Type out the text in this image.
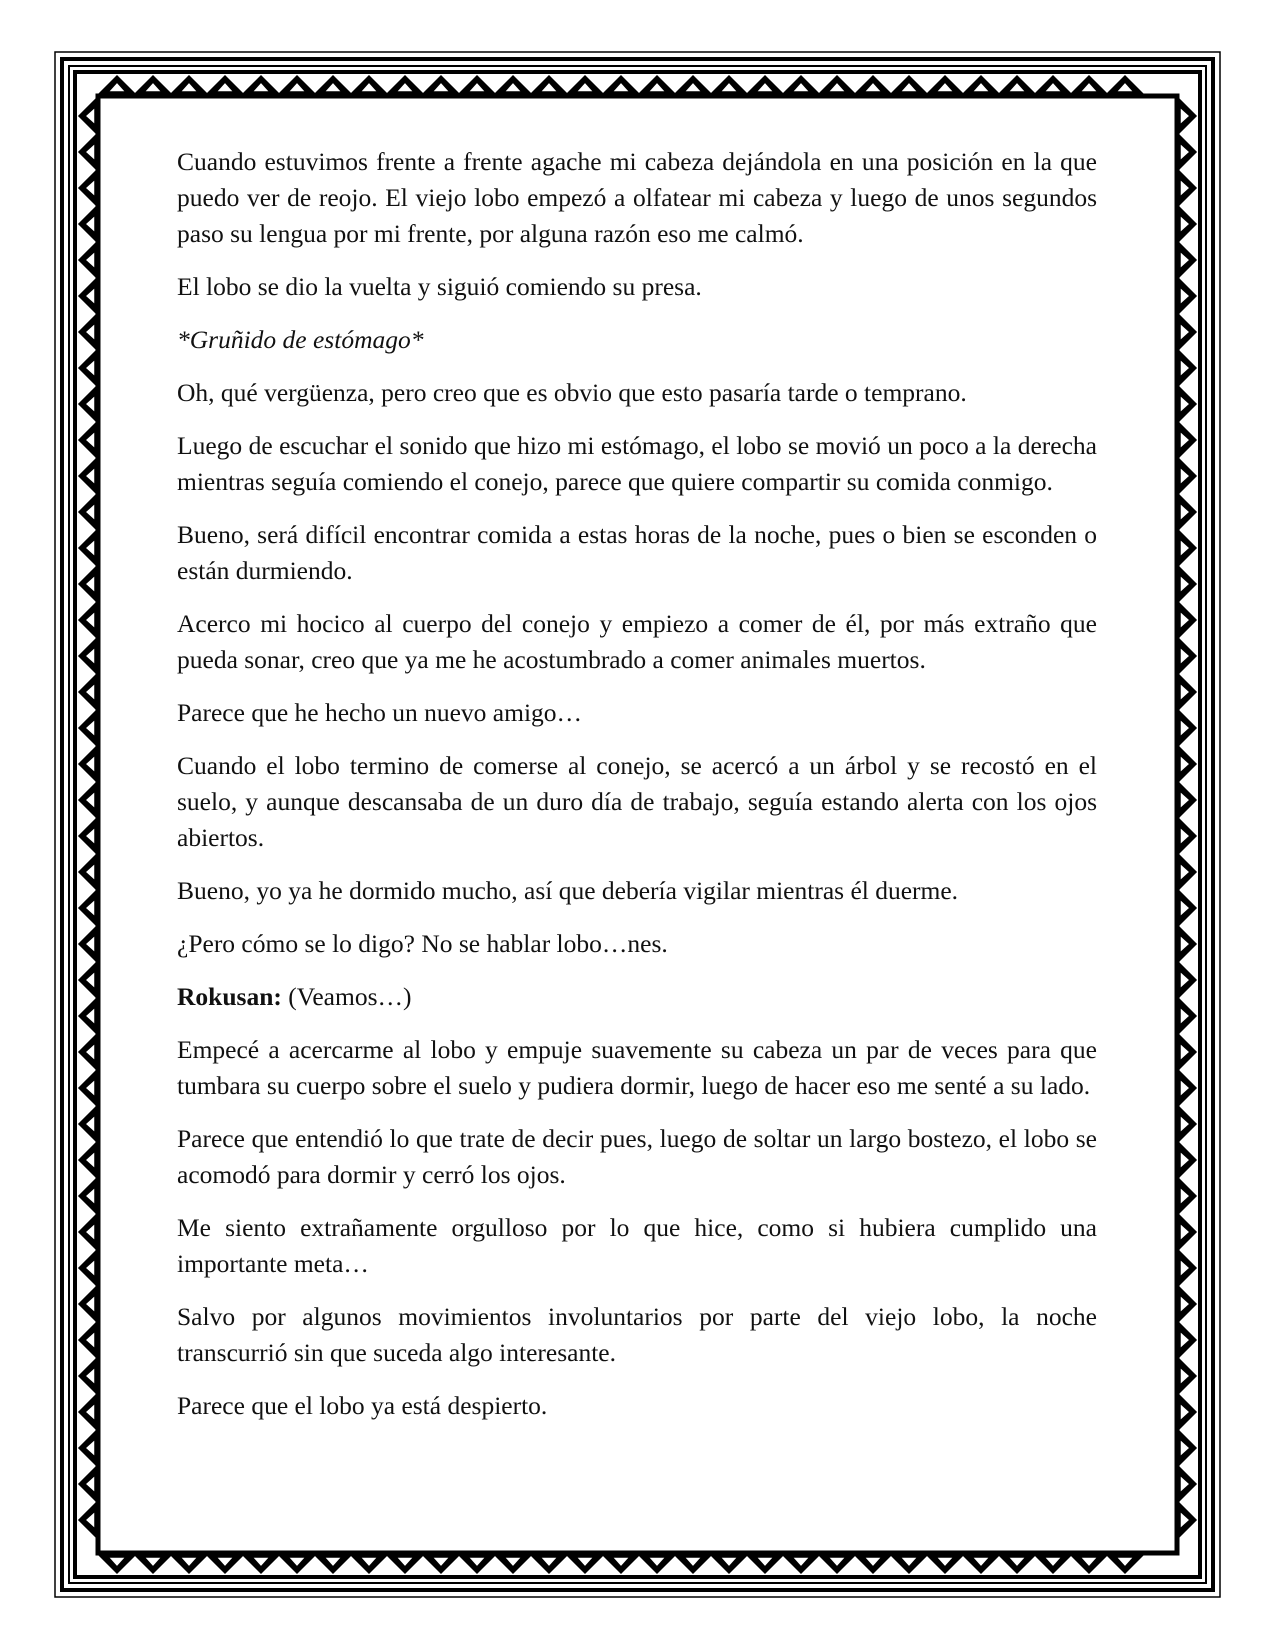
Cuando estuvimos frente a frente agache mi cabeza dejándola en una posición en la que puedo ver de reojo. El viejo lobo empezó a olfatear mi cabeza y luego de unos segundos paso su lengua por mi frente, por alguna razón eso me calmó.

El lobo se dio la vuelta y siguió comiendo su presa.

*Gruñido de estómago*

Oh, qué vergüenza, pero creo que es obvio que esto pasaría tarde o temprano.

Luego de escuchar el sonido que hizo mi estómago, el lobo se movió un poco a la derecha mientras seguía comiendo el conejo, parece que quiere compartir su comida conmigo.

Bueno, será difícil encontrar comida a estas horas de la noche, pues o bien se esconden o están durmiendo.

Acerco mi hocico al cuerpo del conejo y empiezo a comer de él, por más extraño que pueda sonar, creo que ya me he acostumbrado a comer animales muertos.

Parece que he hecho un nuevo amigo…

Cuando el lobo termino de comerse al conejo, se acercó a un árbol y se recostó en el suelo, y aunque descansaba de un duro día de trabajo, seguía estando alerta con los ojos abiertos.

Bueno, yo ya he dormido mucho, así que debería vigilar mientras él duerme.

¿Pero cómo se lo digo? No se hablar lobo…nes.

Rokusan: (Veamos…)

Empecé a acercarme al lobo y empuje suavemente su cabeza un par de veces para que tumbara su cuerpo sobre el suelo y pudiera dormir, luego de hacer eso me senté a su lado.

Parece que entendió lo que trate de decir pues, luego de soltar un largo bostezo, el lobo se acomodó para dormir y cerró los ojos.

Me siento extrañamente orgulloso por lo que hice, como si hubiera cumplido una importante meta…

Salvo por algunos movimientos involuntarios por parte del viejo lobo, la noche transcurrió sin que suceda algo interesante.

Parece que el lobo ya está despierto.
